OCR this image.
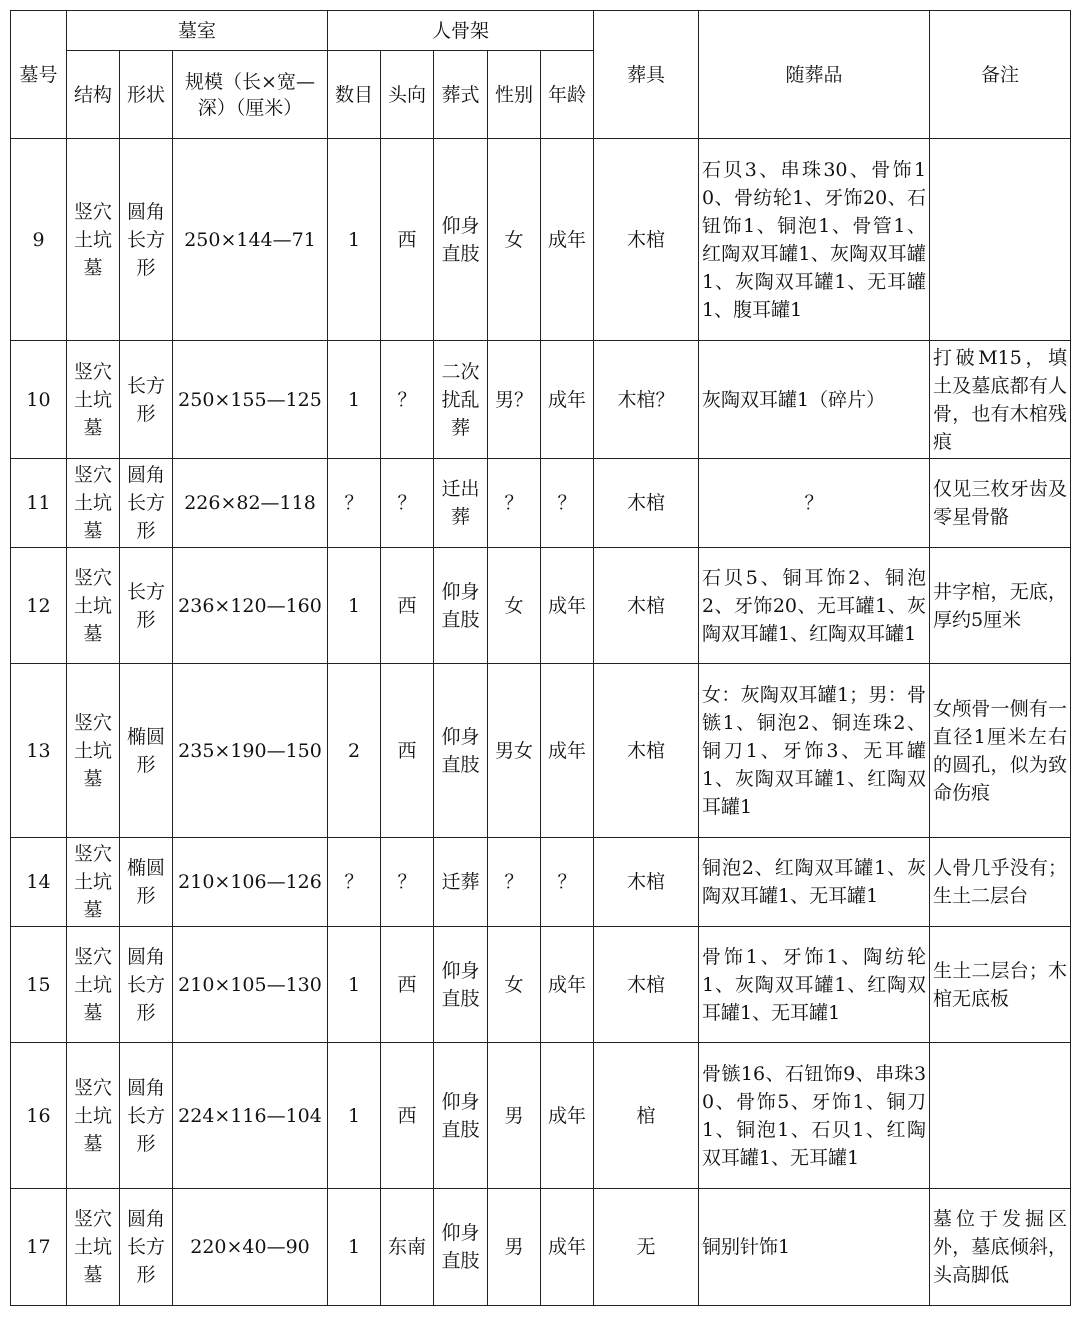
墓号	墓室			人骨架					葬具	随葬品	备注
	结构	形状	规模（长×宽—深）（厘米）	数目	头向	葬式	性别	年龄			
9	竖穴土坑墓	圆角长方形	250×144—71	1	西	仰身直肢	女	成年	木棺	石贝3、串珠30、骨饰10、骨纺轮1、牙饰20、石钮饰1、铜泡1、骨管1、红陶双耳罐1、灰陶双耳罐1、灰陶双耳罐1、无耳罐1、腹耳罐1	
10	竖穴土坑墓	长方形	250×155—125	1	？	二次扰乱葬	男？	成年	木棺？	灰陶双耳罐1（碎片）	打破M15，填土及墓底都有人骨，也有木棺残痕
11	竖穴土坑墓	圆角长方形	226×82—118	？	？	迁出葬	？	？	木棺	？	仅见三枚牙齿及零星骨骼
12	竖穴土坑墓	长方形	236×120—160	1	西	仰身直肢	女	成年	木棺	石贝5、铜耳饰2、铜泡2、牙饰20、无耳罐1、灰陶双耳罐1、红陶双耳罐1	井字棺，无底，厚约5厘米
13	竖穴土坑墓	椭圆形	235×190—150	2	西	仰身直肢	男女	成年	木棺	女：灰陶双耳罐1；男：骨镞1、铜泡2、铜连珠2、铜刀1、牙饰3、无耳罐1、灰陶双耳罐1、红陶双耳罐1	女颅骨一侧有一直径1厘米左右的圆孔，似为致命伤痕
14	竖穴土坑墓	椭圆形	210×106—126	？	？	迁葬	？	？	木棺	铜泡2、红陶双耳罐1、灰陶双耳罐1、无耳罐1	人骨几乎没有；生土二层台
15	竖穴土坑墓	圆角长方形	210×105—130	1	西	仰身直肢	女	成年	木棺	骨饰1、牙饰1、陶纺轮1、灰陶双耳罐1、红陶双耳罐1、无耳罐1	生土二层台；木棺无底板
16	竖穴土坑墓	圆角长方形	224×116—104	1	西	仰身直肢	男	成年	棺	骨镞16、石钮饰9、串珠30、骨饰5、牙饰1、铜刀1、铜泡1、石贝1、红陶双耳罐1、无耳罐1	
17	竖穴土坑墓	圆角长方形	220×40—90	1	东南	仰身直肢	男	成年	无	铜别针饰1	墓位于发掘区外，墓底倾斜，头高脚低
